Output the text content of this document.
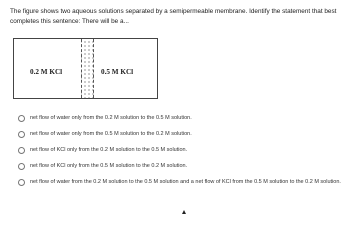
The figure shows two aqueous solutions separated by a semipermeable membrane. Identify the statement that best completes this sentence: There will be a...
0.2 M KCl	0.5 M KCl
net flow of water only from the 0.2 M solution to the 0.5 M solution.
net flow of water only from the 0.5 M solution to the 0.2 M solution.
net flow of KCl only from the 0.2 M solution to the 0.5 M solution.
net flow of KCl only from the 0.5 M solution to the 0.2 M solution.
net flow of water from the 0.2 M solution to the 0.5 M solution and a net flow of KCl from the 0.5 M solution to the 0.2 M solution.
